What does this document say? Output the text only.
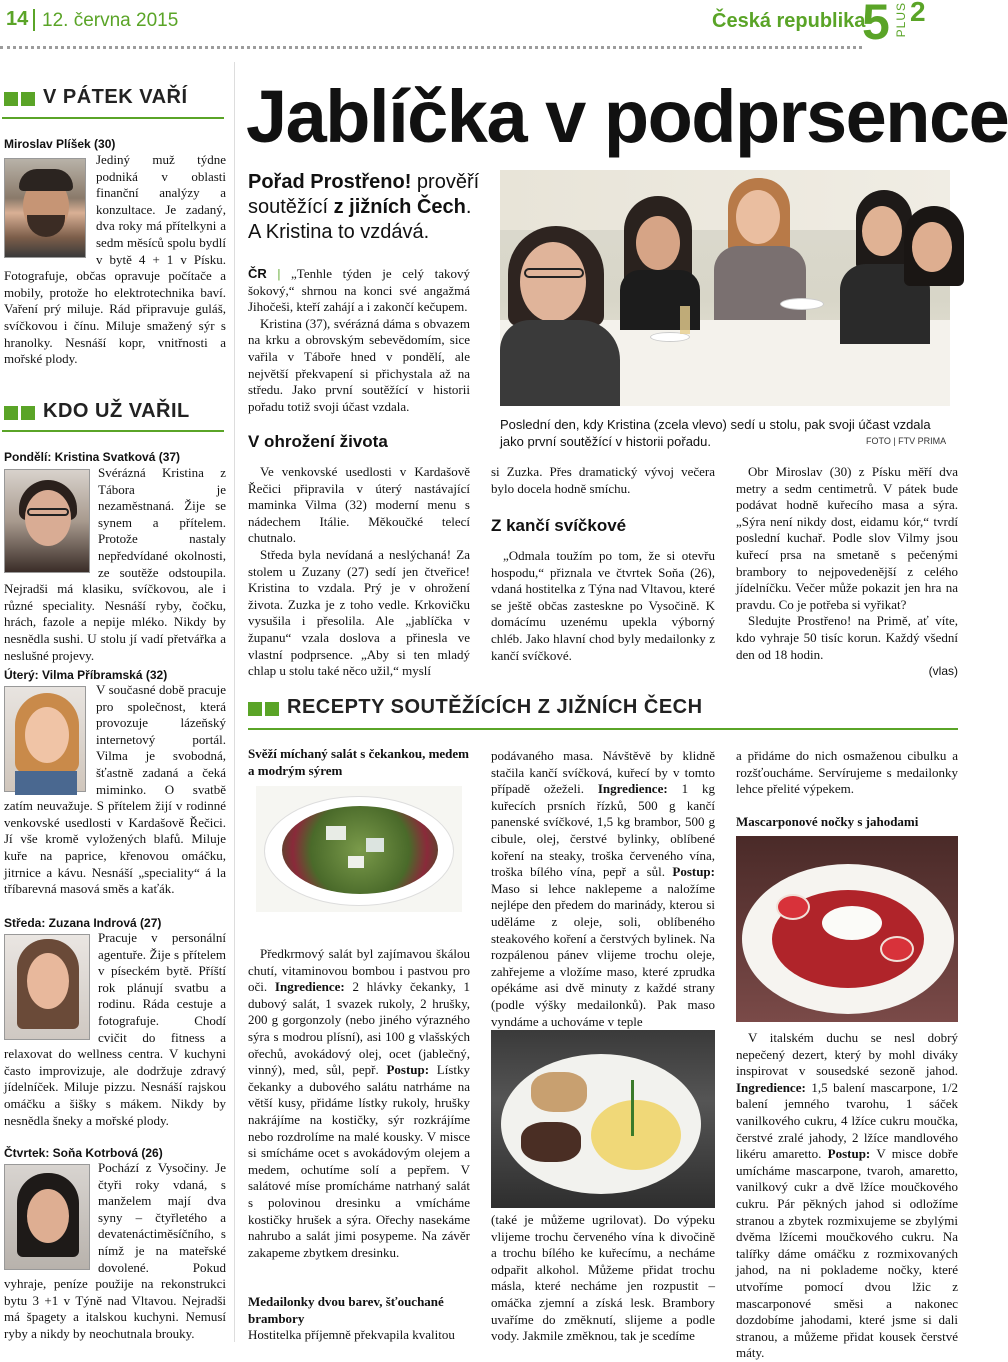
14 12. června 2015	Česká republika
5 PLUS 2
V PÁTEK VAŘÍ
Miroslav Plíšek (30)

Jediný muž týdne podniká v oblasti finanční analýzy a konzultace. Je zadaný, dva roky má přítelkyni a sedm měsíců spolu bydlí v bytě 4 + 1 v Písku. Fotografuje, občas opravuje počítače a mobily, protože ho elektrotechnika baví. Vaření prý miluje. Rád připravuje guláš, svíčkovou i čínu. Miluje smažený sýr s hranolky. Nesnáší kopr, vnitřnosti a mořské plody.

KDO UŽ VAŘIL
Pondělí: Kristina Svatková (37)

Svérázná Kristina z Tábora je nezaměstnaná. Žije se synem a přítelem. Protože nastaly nepředvídané okolnosti, ze soutěže odstoupila. Nejradši má klasiku, svíčkovou, ale i různé speciality. Nesnáší ryby, čočku, hrách, fazole a nepije mléko. Nikdy by nesnědla sushi. U stolu jí vadí přetvářka a neslušné projevy.

Úterý: Vilma Příbramská (32)

V současné době pracuje pro společnost, která provozuje lázeňský internetový portál. Vilma je svobodná, šťastně zadaná a čeká miminko. O svatbě zatím neuvažuje. S přítelem žijí v rodinné venkovské usedlosti v Kardašově Řečici. Jí vše kromě vyložených blafů. Miluje kuře na paprice, křenovou omáčku, jitrnice a kávu. Nesnáší „speciality“ á la tříbarevná masová směs a kaťák.

Středa: Zuzana Indrová (27)

Pracuje v personální agentuře. Žije s přítelem v píseckém bytě. Příští rok plánují svatbu a rodinu. Ráda cestuje a fotografuje. Chodí cvičit do fitness a relaxovat do wellness centra. V kuchyni často improvizuje, ale dodržuje zdravý jídelníček. Miluje pizzu. Nesnáší rajskou omáčku a šišky s mákem. Nikdy by nesnědla šneky a mořské plody.

Čtvrtek: Soňa Kotrbová (26)

Pochází z Vysočiny. Je čtyři roky vdaná, s manželem mají dva syny – čtyřletého a devatenáctiměsíčního, s nímž je na mateřské dovolené. Pokud vyhraje, peníze použije na rekonstrukci bytu 3 +1 v Týně nad Vltavou. Nejradši má špagety a italskou kuchyni. Nemusí ryby a nikdy by neochutnala brouky.

Jablíčka v podprsence
Pořad Prostřeno! prověří soutěžící z jižních Čech. A Kristina to vzdává.

ČR | „Tenhle týden je celý takový šokový,“ shrnou na konci své angažmá Jihočeši, kteří zahájí a i zakončí kečupem.

Kristina (37), svérázná dáma s obvazem na krku a obrovským sebevědomím, sice vařila v Táboře hned v pondělí, ale největší překvapení si přichystala až na středu. Jako první soutěžící v historii pořadu totiž svoji účast vzdala.

V ohrožení života
Poslední den, kdy Kristina (zcela vlevo) sedí u stolu, pak svoji účast vzdala jako první soutěžící v historii pořadu.	FOTO | FTV PRIMA

Ve venkovské usedlosti v Kardašově Řečici připravila v úterý nastávající maminka Vilma (32) moderní menu s nádechem Itálie. Měkoučké telecí chutnalo.

Středa byla nevídaná a neslýchaná! Za stolem u Zuzany (27) sedí jen čtveřice! Kristina to vzdala. Prý je v ohrožení života. Zuzka je z toho vedle. Krkovičku vysušila i přesolila. Ale „jablíčka v županu“ vzala doslova a přinesla ve vlastní podprsence. „Aby si ten mladý chlap u stolu také něco užil,“ myslí

si Zuzka. Přes dramatický vývoj večera bylo docela hodně smíchu.

Z kančí svíčkové

„Odmala toužím po tom, že si otevřu hospodu,“ přiznala ve čtvrtek Soňa (26), vdaná hostitelka z Týna nad Vltavou, které se ještě občas zasteskne po Vysočině. K domácímu uzenému upekla výborný chléb. Jako hlavní chod byly medailonky z kančí svíčkové.

Obr Miroslav (30) z Písku měří dva metry a sedm centimetrů. V pátek bude podávat hodně kuřecího masa a sýra. „Sýra není nikdy dost, eidamu kór,“ tvrdí poslední kuchař. Podle slov Vilmy jsou kuřecí prsa na smetaně s pečenými brambory to nejpovedenější z celého jídelníčku. Večer může pokazit jen hra na pravdu. Co je potřeba si vyřikat?

Sledujte Prostřeno! na Primě, ať víte, kdo vyhraje 50 tisíc korun. Každý všední den od 18 hodin.

(vlas)

RECEPTY SOUTĚŽÍCÍCH Z JIŽNÍCH ČECH
Svěží míchaný salát s čekankou, medem a modrým sýrem

Předkrmový salát byl zajímavou škálou chutí, vitaminovou bombou i pastvou pro oči. Ingredience: 2 hlávky čekanky, 1 dubový salát, 1 svazek rukoly, 2 hrušky, 200 g gorgonzoly (nebo jiného výrazného sýra s modrou plísní), asi 100 g vlašských ořechů, avokádový olej, ocet (jablečný, vinný), med, sůl, pepř. Postup: Lístky čekanky a dubového salátu natrháme na větší kusy, přidáme lístky rukoly, hrušky nakrájíme na kostičky, sýr rozkrájíme nebo rozdrolíme na malé kousky. V misce si smícháme ocet s avokádovým olejem a medem, ochutíme solí a pepřem. V salátové míse promícháme natrhaný salát s polovinou dresinku a vmícháme kostičky hrušek a sýra. Ořechy nasekáme nahrubo a salát jimi posypeme. Na závěr zakapeme zbytkem dresinku.

Medailonky dvou barev, šťouchané brambory
Hostitelka příjemně překvapila kvalitou

podávaného masa. Návštěvě by klidně stačila kančí svíčková, kuřecí by v tomto případě ožeželi. Ingredience: 1 kg kuřecích prsních řízků, 500 g kančí panenské svíčkové, 1,5 kg brambor, 500 g cibule, olej, čerstvé bylinky, oblíbené koření na steaky, troška červeného vína, troška bílého vína, pepř a sůl. Postup: Maso si lehce naklepeme a naložíme nejlépe den předem do marinády, kterou si uděláme z oleje, soli, oblíbeného steakového koření a čerstvých bylinek. Na rozpálenou pánev vlijeme trochu oleje, zahřejeme a vložíme maso, které zprudka opékáme asi dvě minuty z každé strany (podle výšky medailonků). Pak maso vyndáme a uchováme v teple

(také je můžeme ugrilovat). Do výpeku vlijeme trochu červeného vína k divočině a trochu bílého ke kuřecímu, a necháme odpařit alkohol. Můžeme přidat trochu másla, které necháme jen rozpustit – omáčka zjemní a získá lesk. Brambory uvaříme do změknutí, slijeme a podle vody. Jakmile změknou, tak je scedíme

a přidáme do nich osmaženou cibulku a rozšťoucháme. Servírujeme s medailonky lehce přelité výpekem.

Mascarponové nočky s jahodami

V italském duchu se nesl dobrý nepečený dezert, který by mohl diváky inspirovat v sousedské sezoně jahod. Ingredience: 1,5 balení mascarpone, 1/2 balení jemného tvarohu, 1 sáček vanilkového cukru, 4 lžíce cukru moučka, čerstvé zralé jahody, 2 lžíce mandlového likéru amaretto. Postup: V misce dobře umícháme mascarpone, tvaroh, amaretto, vanilkový cukr a dvě lžíce moučkového cukru. Pár pěkných jahod si odložíme stranou a zbytek rozmixujeme se zbylými dvěma lžícemi moučkového cukru. Na talířky dáme omáčku z rozmixovaných jahod, na ni poklademe nočky, které utvoříme pomocí dvou lžic z mascarponové směsi a nakonec dozdobíme jahodami, které jsme si dali stranou, a můžeme přidat kousek čerstvé máty.
